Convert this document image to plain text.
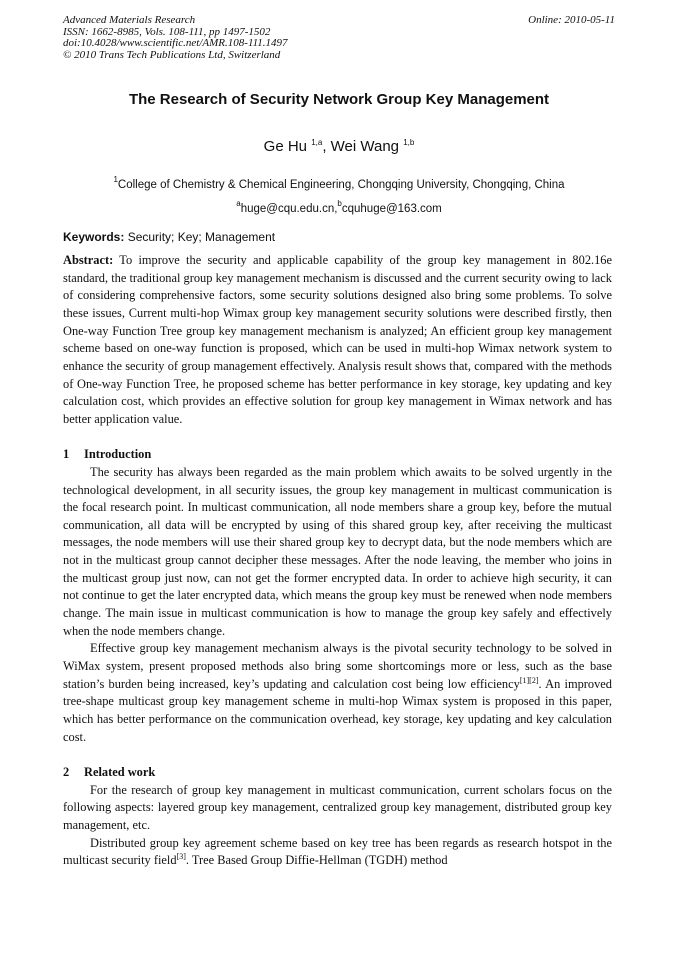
Advanced Materials Research
ISSN: 1662-8985, Vols. 108-111, pp 1497-1502
doi:10.4028/www.scientific.net/AMR.108-111.1497
© 2010 Trans Tech Publications Ltd, Switzerland
Online: 2010-05-11
The Research of Security Network Group Key Management
Ge Hu $^{1,a}$, Wei Wang $^{1,b}$
$^1$College of Chemistry & Chemical Engineering, Chongqing University, Chongqing, China
$^a$huge@cqu.edu.cn,$^b$cquhuge@163.com
Keywords: Security; Key; Management

Abstract: To improve the security and applicable capability of the group key management in 802.16e standard, the traditional group key management mechanism is discussed and the current security owing to lack of considering comprehensive factors, some security solutions designed also bring some problems. To solve these issues, Current multi-hop Wimax group key management security solutions were described firstly, then One-way Function Tree group key management mechanism is analyzed; An efficient group key management scheme based on one-way function is proposed, which can be used in multi-hop Wimax network system to enhance the security of group management effectively. Analysis result shows that, compared with the methods of One-way Function Tree, he proposed scheme has better performance in key storage, key updating and key calculation cost, which provides an effective solution for group key management in Wimax network and has better application value.

1 Introduction

The security has always been regarded as the main problem which awaits to be solved urgently in the technological development, in all security issues, the group key management in multicast communication is the focal research point. In multicast communication, all node members share a group key, before the mutual communication, all data will be encrypted by using of this shared group key, after receiving the multicast messages, the node members will use their shared group key to decrypt data, but the node members which are not in the multicast group cannot decipher these messages. After the node leaving, the member who joins in the multicast group just now, can not get the former encrypted data. In order to achieve high security, it can not continue to get the later encrypted data, which means the group key must be renewed when node members change. The main issue in multicast communication is how to manage the group key safely and effectively when the node members change.

Effective group key management mechanism always is the pivotal security technology to be solved in WiMax system, present proposed methods also bring some shortcomings more or less, such as the base station’s burden being increased, key’s updating and calculation cost being low efficiency[1][2]. An improved tree-shape multicast group key management scheme in multi-hop Wimax system is proposed in this paper, which has better performance on the communication overhead, key storage, key updating and key calculation cost.

2 Related work

For the research of group key management in multicast communication, current scholars focus on the following aspects: layered group key management, centralized group key management, distributed group key management, etc.

Distributed group key agreement scheme based on key tree has been regards as research hotspot in the multicast security field[3]. Tree Based Group Diffie-Hellman (TGDH) method
